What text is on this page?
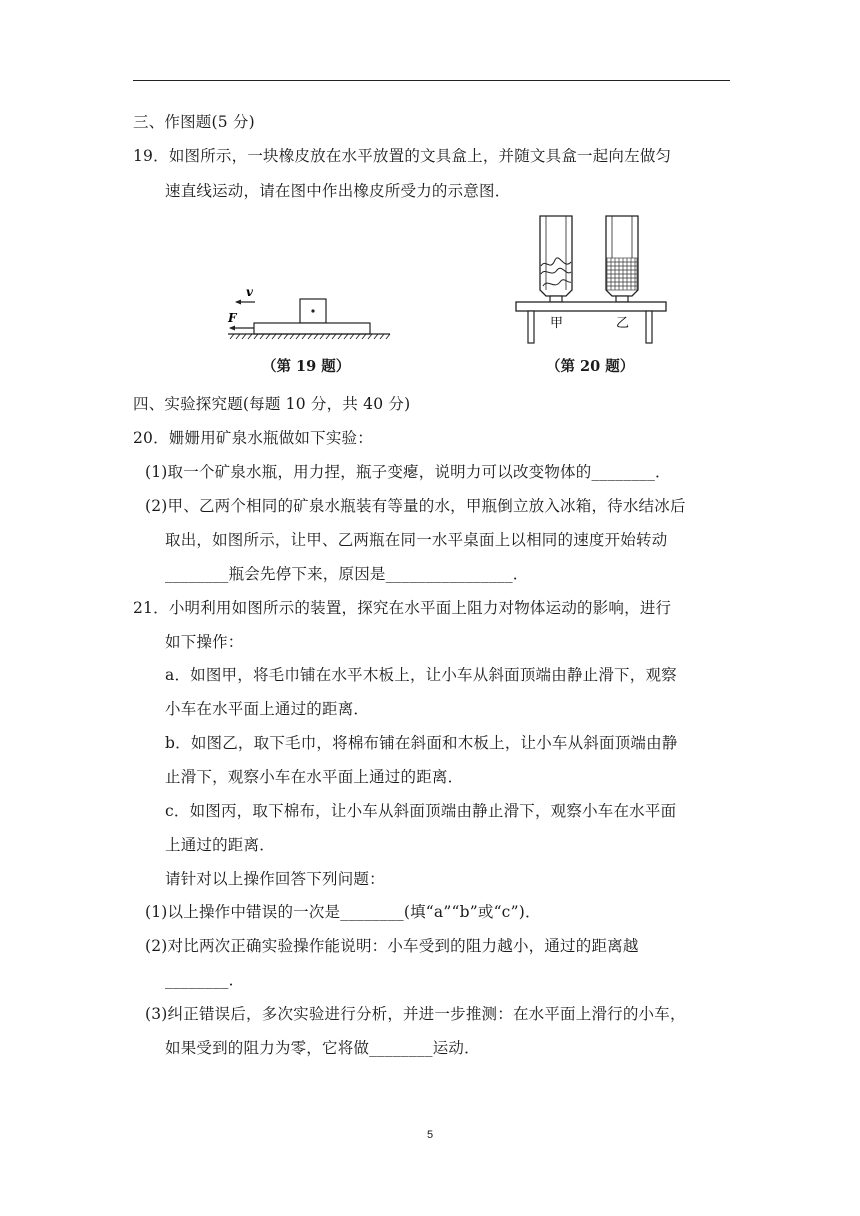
三、作图题(5 分)
19．如图所示，一块橡皮放在水平放置的文具盒上，并随文具盒一起向左做匀
速直线运动，请在图中作出橡皮所受力的示意图．
v
F
（第 19 题）
甲	乙
（第 20 题）
四、实验探究题(每题 10 分，共 40 分)
20．姗姗用矿泉水瓶做如下实验：
(1)取一个矿泉水瓶，用力捏，瓶子变瘪，说明力可以改变物体的________．
(2)甲、乙两个相同的矿泉水瓶装有等量的水，甲瓶倒立放入冰箱，待水结冰后
取出，如图所示，让甲、乙两瓶在同一水平桌面上以相同的速度开始转动
________瓶会先停下来，原因是________________．
21．小明利用如图所示的装置，探究在水平面上阻力对物体运动的影响，进行
如下操作：
a．如图甲，将毛巾铺在水平木板上，让小车从斜面顶端由静止滑下，观察
小车在水平面上通过的距离．
b．如图乙，取下毛巾，将棉布铺在斜面和木板上，让小车从斜面顶端由静
止滑下，观察小车在水平面上通过的距离．
c．如图丙，取下棉布，让小车从斜面顶端由静止滑下，观察小车在水平面
上通过的距离．
请针对以上操作回答下列问题：
(1)以上操作中错误的一次是________(填“a”“b”或“c”)．
(2)对比两次正确实验操作能说明：小车受到的阻力越小，通过的距离越
________．
(3)纠正错误后，多次实验进行分析，并进一步推测：在水平面上滑行的小车，
如果受到的阻力为零，它将做________运动．
5
